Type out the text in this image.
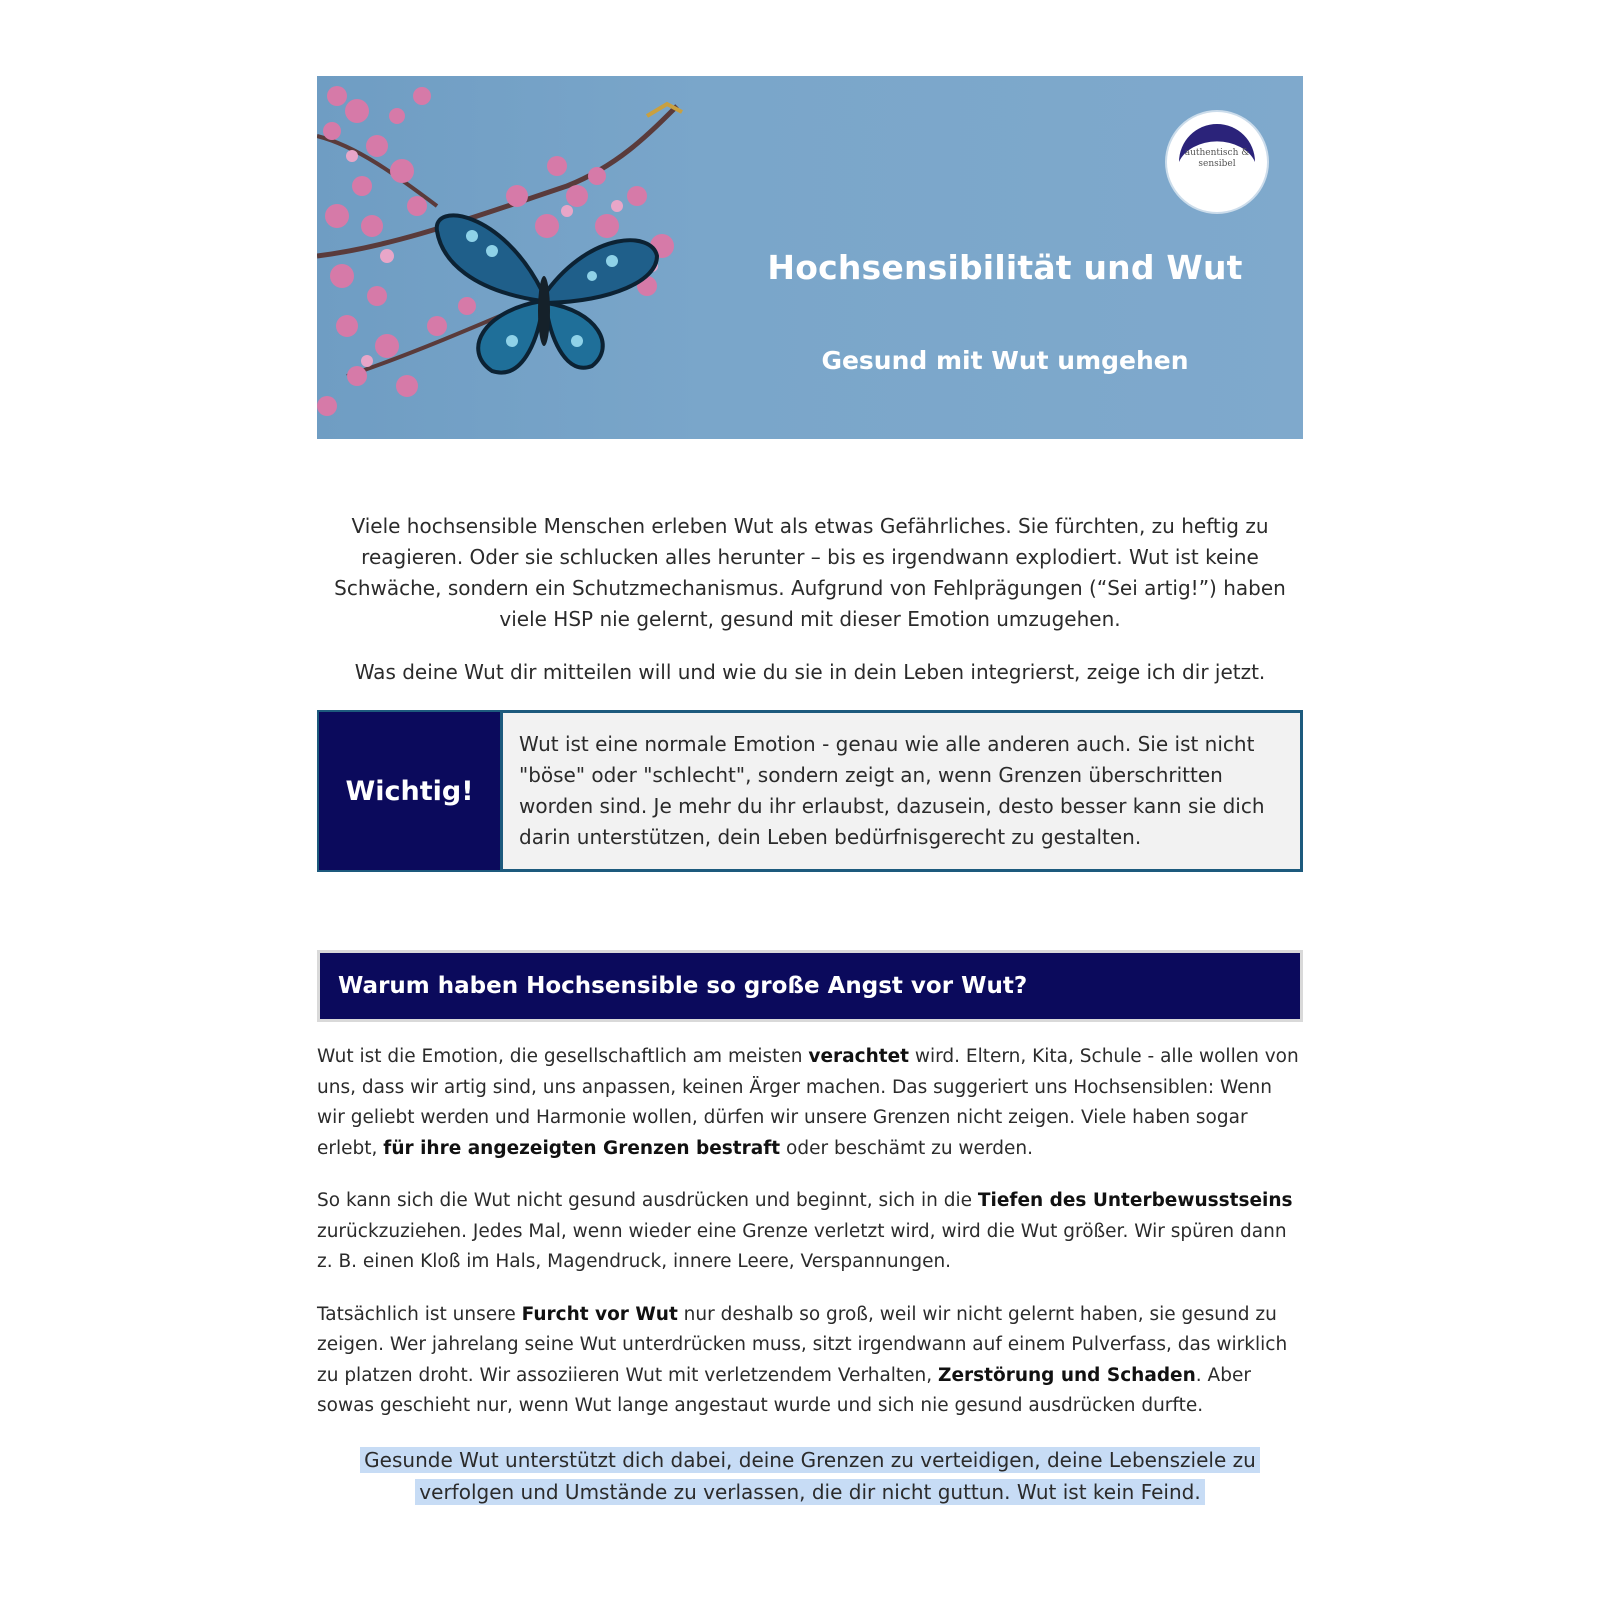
authentisch & sensibel
Hochsensibilität und Wut
Gesund mit Wut umgehen

Viele hochsensible Menschen erleben Wut als etwas Gefährliches. Sie fürchten, zu heftig zu reagieren. Oder sie schlucken alles herunter – bis es irgendwann explodiert. Wut ist keine Schwäche, sondern ein Schutzmechanismus. Aufgrund von Fehlprägungen (“Sei artig!”) haben viele HSP nie gelernt, gesund mit dieser Emotion umzugehen.

Was deine Wut dir mitteilen will und wie du sie in dein Leben integrierst, zeige ich dir jetzt.

Wichtig!
Wut ist eine normale Emotion - genau wie alle anderen auch. Sie ist nicht "böse" oder "schlecht", sondern zeigt an, wenn Grenzen überschritten worden sind. Je mehr du ihr erlaubst, dazusein, desto besser kann sie dich darin unterstützen, dein Leben bedürfnisgerecht zu gestalten.
Warum haben Hochsensible so große Angst vor Wut?

Wut ist die Emotion, die gesellschaftlich am meisten verachtet wird. Eltern, Kita, Schule - alle wollen von uns, dass wir artig sind, uns anpassen, keinen Ärger machen. Das suggeriert uns Hochsensiblen: Wenn wir geliebt werden und Harmonie wollen, dürfen wir unsere Grenzen nicht zeigen. Viele haben sogar erlebt, für ihre angezeigten Grenzen bestraft oder beschämt zu werden.

So kann sich die Wut nicht gesund ausdrücken und beginnt, sich in die Tiefen des Unterbewusstseins zurückzuziehen. Jedes Mal, wenn wieder eine Grenze verletzt wird, wird die Wut größer. Wir spüren dann z. B. einen Kloß im Hals, Magendruck, innere Leere, Verspannungen.

Tatsächlich ist unsere Furcht vor Wut nur deshalb so groß, weil wir nicht gelernt haben, sie gesund zu zeigen. Wer jahrelang seine Wut unterdrücken muss, sitzt irgendwann auf einem Pulverfass, das wirklich zu platzen droht. Wir assoziieren Wut mit verletzendem Verhalten, Zerstörung und Schaden. Aber sowas geschieht nur, wenn Wut lange angestaut wurde und sich nie gesund ausdrücken durfte.

Gesunde Wut unterstützt dich dabei, deine Grenzen zu verteidigen, deine Lebensziele zu verfolgen und Umstände zu verlassen, die dir nicht guttun. Wut ist kein Feind.
